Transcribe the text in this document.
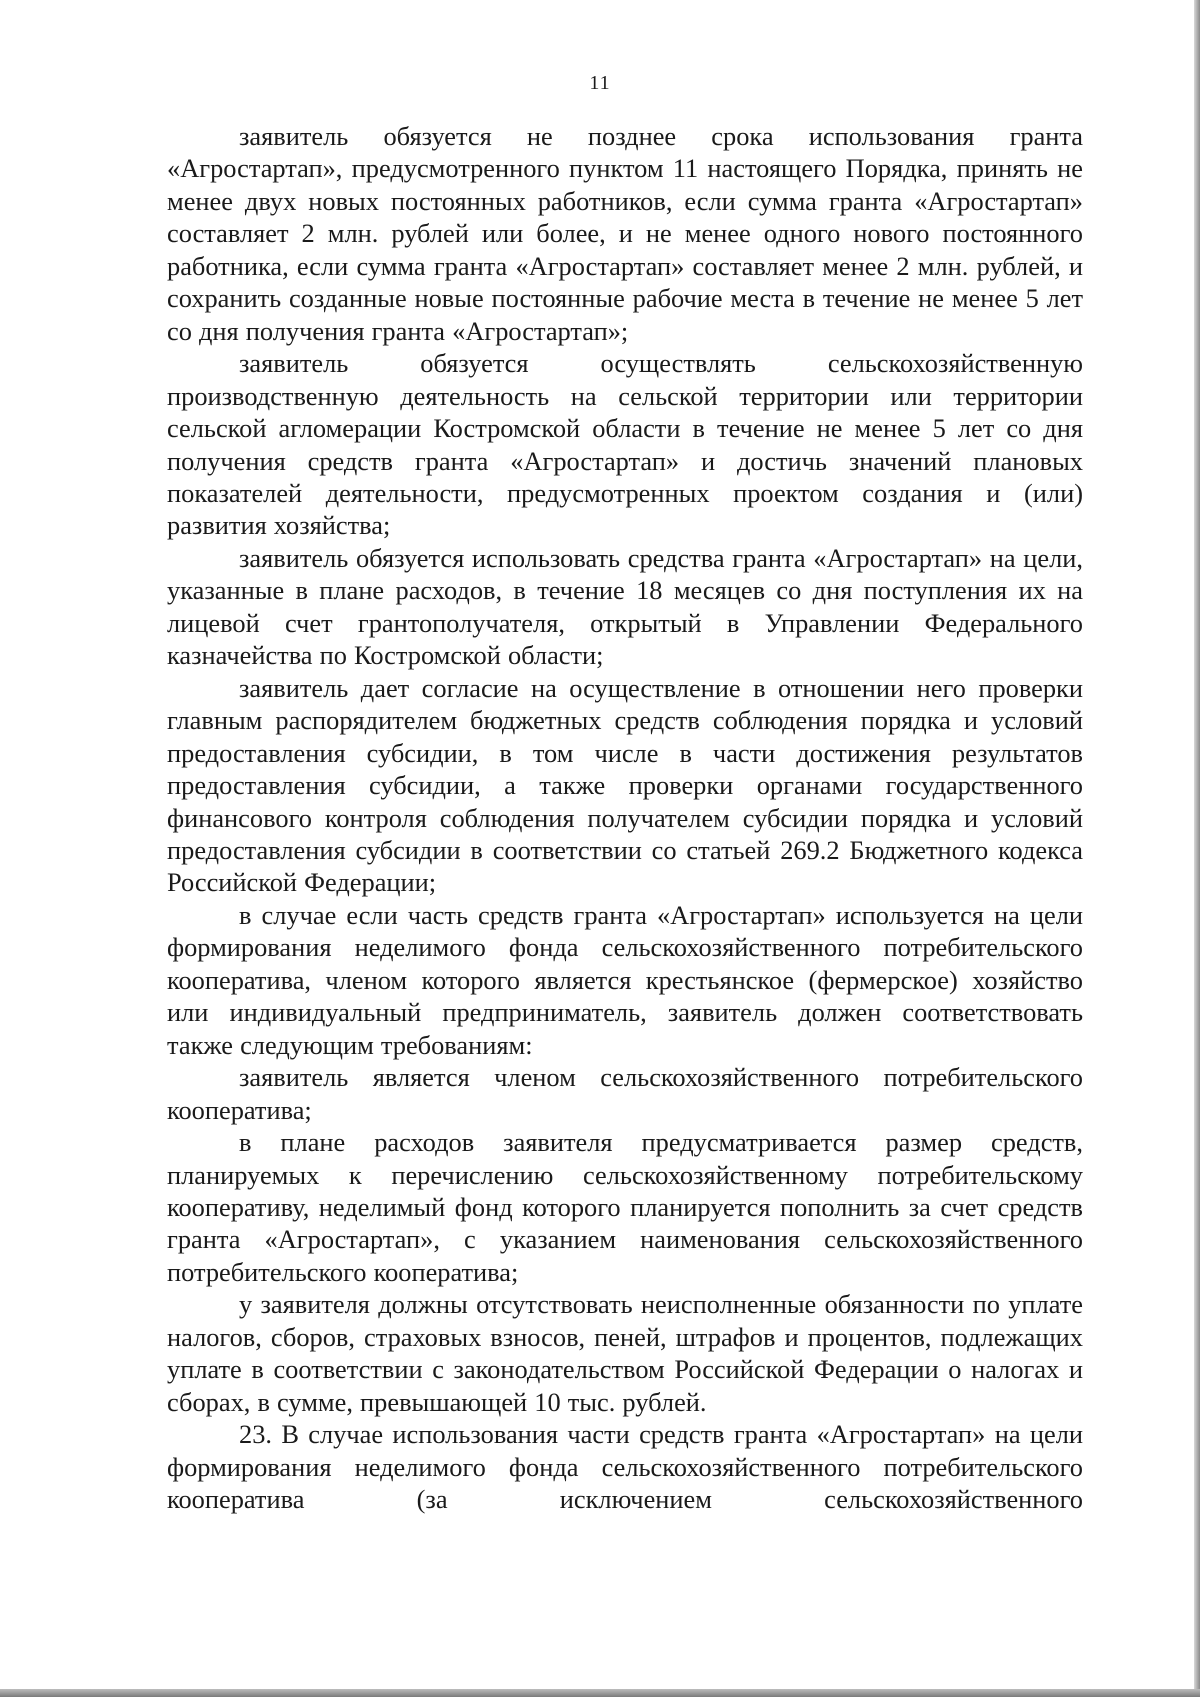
11

заявитель обязуется не позднее срока использования гранта «Агростартап», предусмотренного пунктом 11 настоящего Порядка, принять не менее двух новых постоянных работников, если сумма гранта «Агростартап» составляет 2 млн. рублей или более, и не менее одного нового постоянного работника, если сумма гранта «Агростартап» составляет менее 2 млн. рублей, и сохранить созданные новые постоянные рабочие места в течение не менее 5 лет со дня получения гранта «Агростартап»;

заявитель обязуется осуществлять сельскохозяйственную производственную деятельность на сельской территории или территории сельской агломерации Костромской области в течение не менее 5 лет со дня получения средств гранта «Агростартап» и достичь значений плановых показателей деятельности, предусмотренных проектом создания и (или) развития хозяйства;

заявитель обязуется использовать средства гранта «Агростартап» на цели, указанные в плане расходов, в течение 18 месяцев со дня поступления их на лицевой счет грантополучателя, открытый в Управлении Федерального казначейства по Костромской области;

заявитель дает согласие на осуществление в отношении него проверки главным распорядителем бюджетных средств соблюдения порядка и условий предоставления субсидии, в том числе в части достижения результатов предоставления субсидии, а также проверки органами государственного финансового контроля соблюдения получателем субсидии порядка и условий предоставления субсидии в соответствии со статьей 269.2 Бюджетного кодекса Российской Федерации;

в случае если часть средств гранта «Агростартап» используется на цели формирования неделимого фонда сельскохозяйственного потребительского кооператива, членом которого является крестьянское (фермерское) хозяйство или индивидуальный предприниматель, заявитель должен соответствовать также следующим требованиям:

заявитель является членом сельскохозяйственного потребительского кооператива;

в плане расходов заявителя предусматривается размер средств, планируемых к перечислению сельскохозяйственному потребительскому кооперативу, неделимый фонд которого планируется пополнить за счет средств гранта «Агростартап», с указанием наименования сельскохозяйственного потребительского кооператива;

у заявителя должны отсутствовать неисполненные обязанности по уплате налогов, сборов, страховых взносов, пеней, штрафов и процентов, подлежащих уплате в соответствии с законодательством Российской Федерации о налогах и сборах, в сумме, превышающей 10 тыс. рублей.

23. В случае использования части средств гранта «Агростартап» на цели формирования неделимого фонда сельскохозяйственного потребительского кооператива (за исключением сельскохозяйственного
